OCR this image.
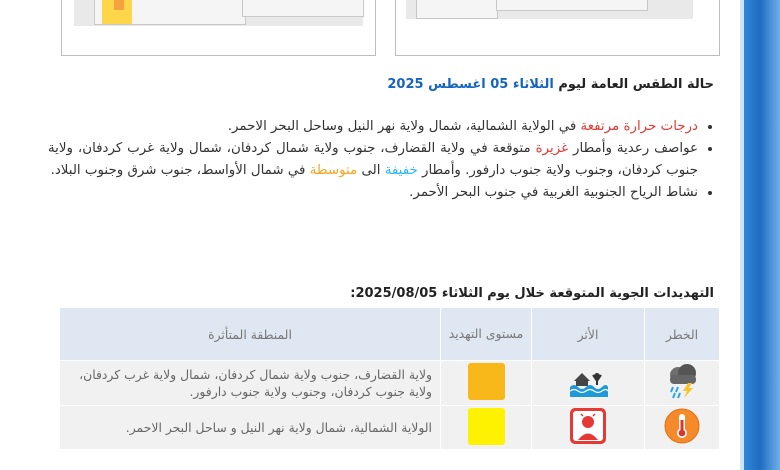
حالة الطقس العامة ليوم الثلاثاء 05 اغسطس 2025
• درجات حرارة مرتفعة في الولاية الشمالية، شمال ولاية نهر النيل وساحل البحر الاحمر.
• عواصف رعدية وأمطار غزيرة متوقعة في ولاية القضارف، جنوب ولاية شمال كردفان، شمال ولاية غرب كردفان، ولاية جنوب كردفان، وجنوب ولاية جنوب دارفور. وأمطار خفيفة الى متوسطة في شمال الأواسط، جنوب شرق وجنوب البلاد.
• نشاط الرياح الجنوبية الغربية في جنوب البحر الأحمر.
التهديدات الجوية المتوقعة خلال يوم الثلاثاء 2025/08/05:
الخطر	الأثر	مستوى التهديد	المنطقة المتأثرة
			ولاية القضارف، جنوب ولاية شمال كردفان، شمال ولاية غرب كردفان، ولاية جنوب كردفان، وجنوب ولاية جنوب دارفور.
			الولاية الشمالية، شمال ولاية نهر النيل و ساحل البحر الاحمر.
